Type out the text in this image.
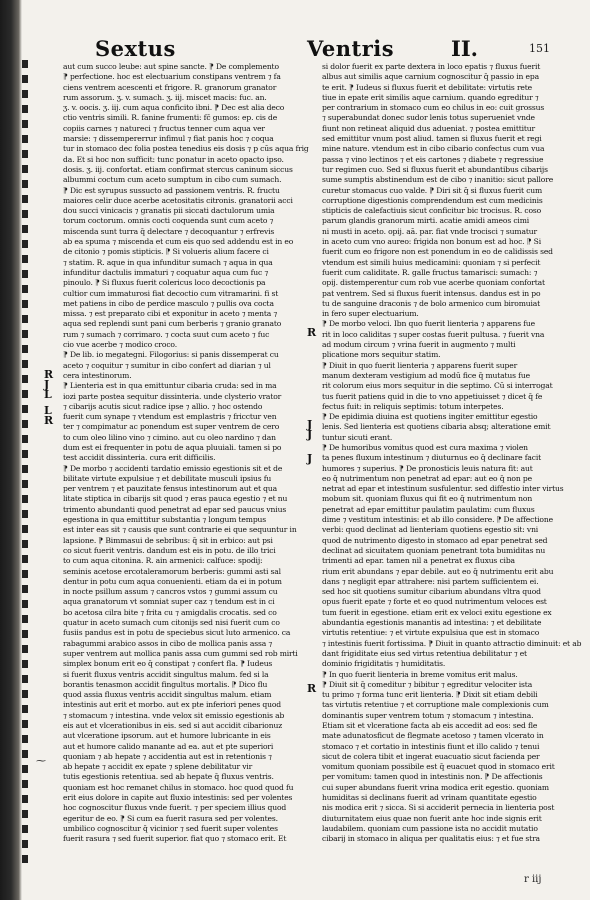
Sextus	Ventris	II.	151
aut cum succo leube: aut spine sancte. ⁋ De complemento
⁋ perfectione. hoc est electuarium constipans ventrem ⁊ fa
ciens ventrem acescenti et frigore. R. granorum granator
rum assorum. ʒ. v. sumach. ʒ. iij. miscet macis: fuc. an.
ʒ. v. oocis. ʒ. iij. cum aqua conficito ibni. ⁋ Dec est alia deco
ctio ventris simili. R. fanine frumenti: fc̄ gumos: ep. cis de
copiis carnes ⁊ natureci ⁊ fructus tenner cum aqua ver
marsie: ⁊ dissempererrur infimul ⁊ fiat panis hoc ⁊ coqua
tur in stomaco dec folia postea tenedius eis dosis ⁊ p cūs aqua frig
da. Et si hoc non sufficit: tunc ponatur in aceto opacto ipso.
dosis. ʒ. iij. confortat. etiam confirmat stercus caninum siccus
albummi coctum cum aceto sumptum in cibo cum sumach.
⁋ Dic est syrupus sussucto ad passionem ventris. R. fructu
maiores celir duce acerbe acetositatis citronis. granatorii acci
dou succi vinicacis ⁊ granatis pii siccati dactulorum umia
torum coctorum. omnis cocti coquenda sunt cum aceto ⁊
miscenda sunt turra q̄ delectare ⁊ decoquantur ⁊ erfrevis
ab ea spuma ⁊ miscenda et cum eis quo sed addendu est in eo
de citonio ⁊ pomis stipticis. ⁋ Si volueris alium facere ci
⁊ statim. R. aque in qua infunditur sumach ⁊ aqua in qua
infunditur dactulis immaturi ⁊ coquatur aqua cum fuc ⁊
pinoulo. ⁋ Si fluxus fuerit colericus loco decoctionis pa
cultior cum immaturosi fiat decoctio cum vitramarini. fi st
met patiens in cibo de perdice masculo ⁊ pullis ova cocta
missa. ⁊ est preparato cibi et exponitur in aceto ⁊ menta ⁊
aqua sed replendi sunt pani cum berberis ⁊ granio granato
rum ⁊ sumach ⁊ corrimaro. ⁊ cocta suut cum aceto ⁊ fuc
cio vue acerbe ⁊ modico croco.
⁋ De lib. io megategni. Filogorius: si panis dissemperat cu
aceto ⁊ coquitur ⁊ sumitur in cibo confert ad diarian ⁊ ul
cera intestinorum.
⁋ Lienteria est in qua emittuntur cibaria cruda: sed in ma
iozi parte postea sequitur dissinteria. unde clysterio vrator
⁊ cibarijs acutis sicut radice ipse ⁊ allio. ⁊ hoc ostendo
fuerit cum synape ⁊ vtendum est emplastris ⁊ fricctur ven
ter ⁊ compimatur ac ponendum est super ventrem de cero
to cum oleo lilino vino ⁊ cimino. aut cu oleo nardino ⁊ dan
dum est ei frequenter in potu de aqua pluuiali. tamen si po
test accidit dissinteria. cura erit difficilis.
⁋ De morbo ⁊ accidenti tardatio emissio egestionis sit et de
bilitate virtute expulsiue ⁊ et debilitate musculi ipsius fu
per ventrem ⁊ et pauzitate fensus intestinorum aut et qua
litate stiptica in cibarijs sit quod ⁊ eras pauca egestio ⁊ et nu
trimento abundanti quod penetrat ad epar sed paucus vnius
egestiona in qua emittitur substantia ⁊ longum tempus
est inter eas sit ⁊ causis que sunt contrarie ei que sequuntur in
lapsione. ⁋ Bimmasui de sebribus: q̄ sit in erbico: aut psi
co sicut fuerit ventris. dandum est eis in potu. de illo trici
to cum aqua citonina. R. ain armenici: calfuce: spodij:
seminis acetose ercotaleramorum berberis: gummi asti sal
dentur in potu cum aqua conuenienti. etiam da ei in potum
in nocte psillum assum ⁊ cancros vstos ⁊ gummi assum cu
aqua granatorum vt somniat super caz ⁊ tendum est in ci
bo acetosa cilra bite ⁊ frita cu ⁊ amigdalis crocatis. sed co
quatur in aceto sumach cum citonijs sed nisi fuerit cum co
fusiis pandus est in potu de speciebus sicut luto armenico. ca
rabagummi arabico assos in cibo de mollica panis assa ⁊
super ventrem aut mollica panis assa cum gummi sed rob mirti
simplex bonum erit eo q̄ constipat ⁊ confert fla. ⁋ Iudeus
si fuerit fluxus ventris accidit singultus malum. fed si la
borantis tenasmon accidit fingultus mortalis. ⁋ Dico flu
quod assia fluxus ventris accidit singultus malum. etiam
intestinis aut erit et morbo. aut ex pte inferiori penes quod
⁊ stomacum ⁊ intestina. vnde velox sit emissio egestionis ab
eis aut et vlcerationibus in eis. sed si aut accidit cibarionuz
aut vlceratione ipsorum. aut et humore lubricante in eis
aut et humore calido manante ad ea. aut et pte superiori
quoniam ⁊ ab hepate ⁊ accidentia aut est in retentionis ⁊
ab hepate ⁊ accidit ex epate ⁊ splene debilitatur vir
tutis egestionis retentiua. sed ab hepate q̄ fluxus ventris.
quoniam est hoc remanet chilus in stomaco. hoc quod quod fu
erit eius dolore in capite aut fluxio intestinis: sed per volentes
hoc cognoscitur fluxus vnde fuerit. ⁊ per speciem illius quod
egeritur de eo. ⁋ Si cum ea fuerit rasura sed per volentes.
umbilico cognoscitur q̄ vicinior ⁊ sed fuerit super volentes
fuerit rasura ⁊ sed fuerit superior. fiat quo ⁊ stomaco erit. Et
si dolor fuerit ex parte dextera in loco epatis ⁊ fluxus fuerit
albus aut similis aque carnium cognoscitur q̄ passio in epa
te erit. ⁋ Iudeus si fluxus fuerit et debilitate: virtutis rete
tiue in epate erit similis aque carnium. quando egreditur ⁊
per contrarium in stomaco cum eo chilus in eo: cuit grossus
⁊ superabundat donec sudor lenis totus superueniet vnde
fiunt non retineat aliquid dus adueniat. ⁊ postea emittitur
sed emittitur vnum post aliud. tamen si fluxus fuerit et regi
mine nature. vtendum est in cibo cibario confectus cum vua
passa ⁊ vino lectinos ⁊ et eis cartones ⁊ diabete ⁊ regressiue
tur regimen cuo. Sed si fluxus fuerit et abundantibus cibarijs
sume sumptis abstinendum est de cibo ⁊ inanitio: sicut pallore
curetur stomacus cuo valde. ⁋ Diri sit q̄ si fluxus fuerit cum
corruptione digestionis comprendendum est cum medicinis
stipticis de calefactiuis sicut conficitur bic trocisus. R. coso
parum glandis granorum mirti. acatie amidi ameos cimi
ni musti in aceto. opij. aā. par. fiat vnde trocisci ⁊ sumatur
in aceto cum vno aureo: frigida non bonum est ad hoc. ⁋ Si
fuerit cum eo frigore non est ponendum in eo de calidissis sed
vtendum est simili huius medicamini: quoniam ⁊ si perfecit
fuerit cum caliditate. R. galle fructus tamarisci: sumach: ⁊
opij. distemperentur cum rob vue acerbe quoniam confortat
pat ventrem. Sed si fluxus fuerit intensus. dandus est in po
tu de sanguine draconis ⁊ de bolo armenico cum biromuiat
in fero super electuarium.
⁋ De morbo veloci. Ibn quo fuerit lienteria ⁊ apparens fue
rit in loco caliditas ⁊ super costas fuerit pultusa. ⁊ fuerit vna
ad modum circum ⁊ vrina fuerit in augmento ⁊ multi
plicatione mors sequitur statim.
⁋ Diuit in quo fuerit lienteria ⁊ apparens fuerit super
manum dexteram vestigium ad modū fice q̄ mutatus fue
rit colorum eius mors sequitur in die septimo. Cū si interrogat
tus fuerit patiens quid in die to vno appetiuisset ⁊ dicet q̄ fe
fectus fuit: in reliquis septimis: totum interpetes.
⁋ De epidimia diuina est quotiens ingiter emittitur egestio
lenis. Sed lienteria est quotiens cibaria absq; alteratione emit
tuntur sicuti erant.
⁋ De humoribus vomitus quod est cura maxima ⁊ violen
ta penes fluxum intestinum ⁊ diuturnus eo q̄ declinare facit
humores ⁊ superius. ⁋ De pronosticis leuis natura fit: aut
eo q̄ nutrimentum non penetrat ad epar: aut eo q̄ non pe
netrat ad epar et intestinum susfulentur. sed diffestio inter virtus
mobum sit. quoniam fluxus qui fit eo q̄ nutrimentum non
penetrat ad epar emittitur paulatim paulatim: cum fluxus
dime ⁊ vestitum intestinis: et ab illo considere. ⁋ De affectione
verbi: quod declinat ad lienteriam quotiens egestio sit: vni
quod de nutrimento digesto in stomaco ad epar penetrat sed
declinat ad sicuitatem quoniam penetrant tota bumiditas nu
trimenti ad epar. tamen nil a penetrat ex fluxus ciba
rium erit abundans ⁊ epar debile. aut eo q̄ nutrimentu erit abu
dans ⁊ negligit epar attrahere: nisi partem sufficientem ei.
sed hoc sit quotiens sumitur cibarium abundans vltra quod
opus fuerit epate ⁊ forte et eo quod nutrimentum veloces est
tum fuerit in egestione. etiam erit ex veloci exitu egestione ex
abundantia egestionis manantis ad intestina: ⁊ et debilitate
virtutis retentiue: ⁊ et virtute expulsiua que est in stomaco
⁊ intestinis fuerit fortissima. ⁋ Diuit in quanto attractio diminuit: et ab
dant frigiditate eius sed virtus retentiua debilitatur ⁊ et
dominio frigiditatis ⁊ humiditatis.
⁋ In quo fuerit lienteria in breme vomitus erit malus.
⁋ Diuit sit q̄ comeditur ⁊ bibitur ⁊ egreditur velociter ista
tu primo ⁊ forma tunc erit lienteria. ⁋ Dixit sit etiam debili
tas virtutis retentiue ⁊ et corruptione male complexionis cum
dominantis super ventrem totum ⁊ stomacum ⁊ intestina.
Etiam sit et vlceratione facta ab eis accedit ad eos: sed fle
mate adunatosficut de flegmate acetoso ⁊ tamen vlcerato in
stomaco ⁊ et cortatio in intestinis fiunt et illo calido ⁊ tenui
sicut de colera tibit et ingerat euacuatio sicut facienda per
vomitum quoniam possibile est q̄ euacuet quod in stomaco erit
per vomitum: tamen quod in intestinis non. ⁋ De affectionis
cui super abundans fuerit vrina modica erit egestio. quoniam
humiditas si declinans fuerit ad vrinam quantitate egestio
nis modica erit ⁊ sicca. Si si acciderit pernecia in lienteria post
diuturnitatem eius quae non fuerit ante hoc inde signis erit
laudabilem. quoniam cum passione ista no accidit mutatio
cibarij in stomaco in aliqua per qualitatis eius: ⁊ et fue stra
R
J
L
L
R
R
J
J
J
R
⁓
r iij
